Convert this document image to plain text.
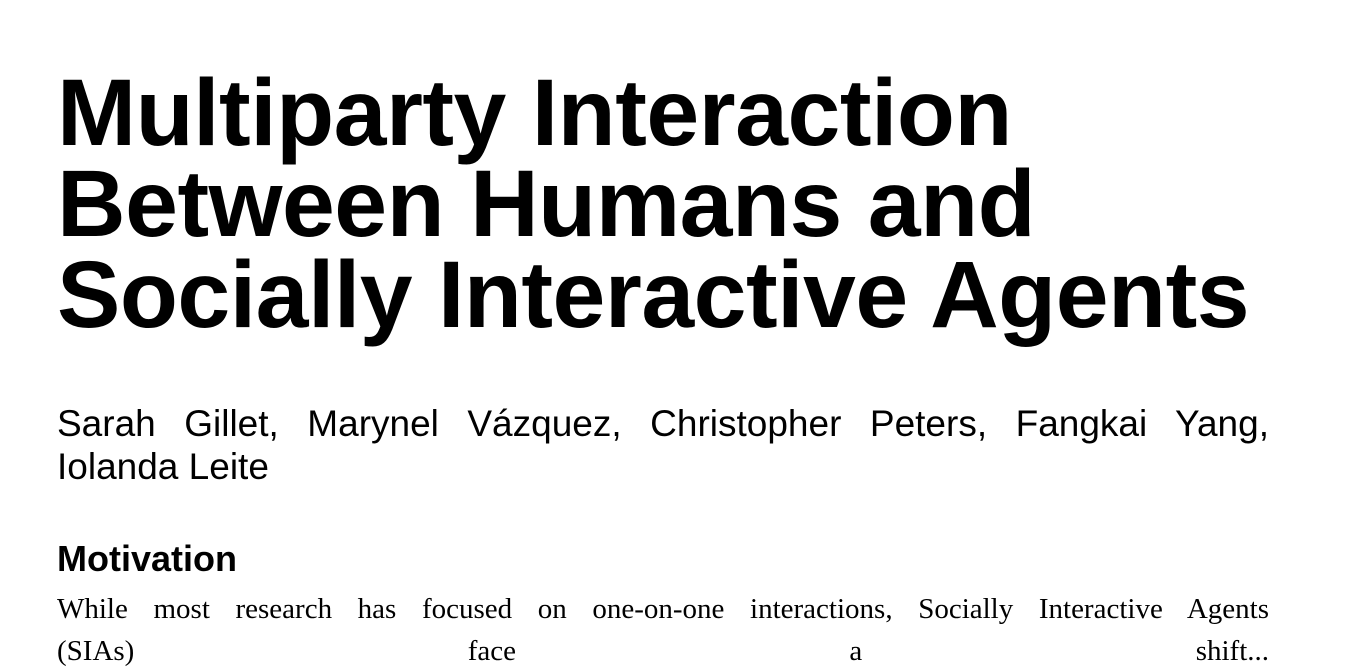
Multiparty Interaction
Between Humans and
Socially Interactive Agents

Sarah Gillet, Marynel Vázquez, Christopher Peters, Fangkai Yang,
Iolanda Leite

Motivation

While most research has focused on one-on-one interactions, Socially Interactive Agents
(SIAs) face a shift...
